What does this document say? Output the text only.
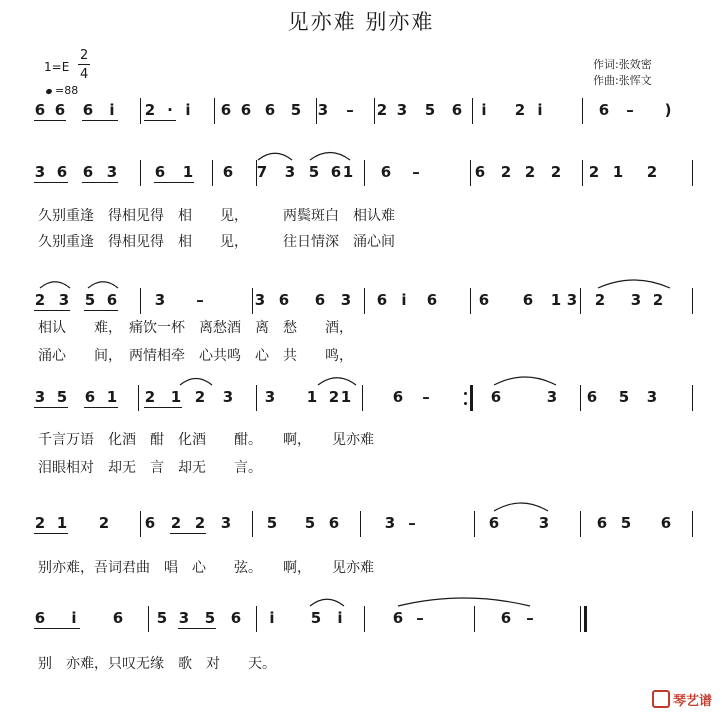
见亦难 别亦难
1=E
2
4
=88
作词:张效密
作曲:张恽文
6 6 6 i 2 · i 6 6 6 5 3 – 2 3 5 6 i 2 i	6 – )
3 6 6 3	6 1 6 7 3 5 6 1 6 –	6 2 2 2 2 1 2
久别重逢　得相见得　相　　见，　　　两鬓斑白　相认难
久别重逢　得相见得　相　　见，　　　往日情深　涌心间
2 3 5 6	3 –	3 6 6 3 6 i 6	6 6 1 2 3 2
3
相认　　难，　痛饮一杯　离愁酒　离　愁　　酒，
涌心　　间，　两情相牵　心共鸣　心　共　　鸣，
3 5 6 1 2 1 2 3 3 1 2 1	6 –	6	3 6 5 3
千言万语　化酒　酣　化酒　　酣。　　啊，　　见亦难
泪眼相对　却无　言　却无　　言。
2 1 2 6 2 2 3 5 5 6	3 –	6	3	6 5 6
别亦难，吾词君曲　唱　心　　弦。　　啊，　　见亦难
6 i 6 5 3 5 6 i 5 i	6 –	6 –
别　亦难，只叹无缘　歌　对　　天。
琴艺谱
